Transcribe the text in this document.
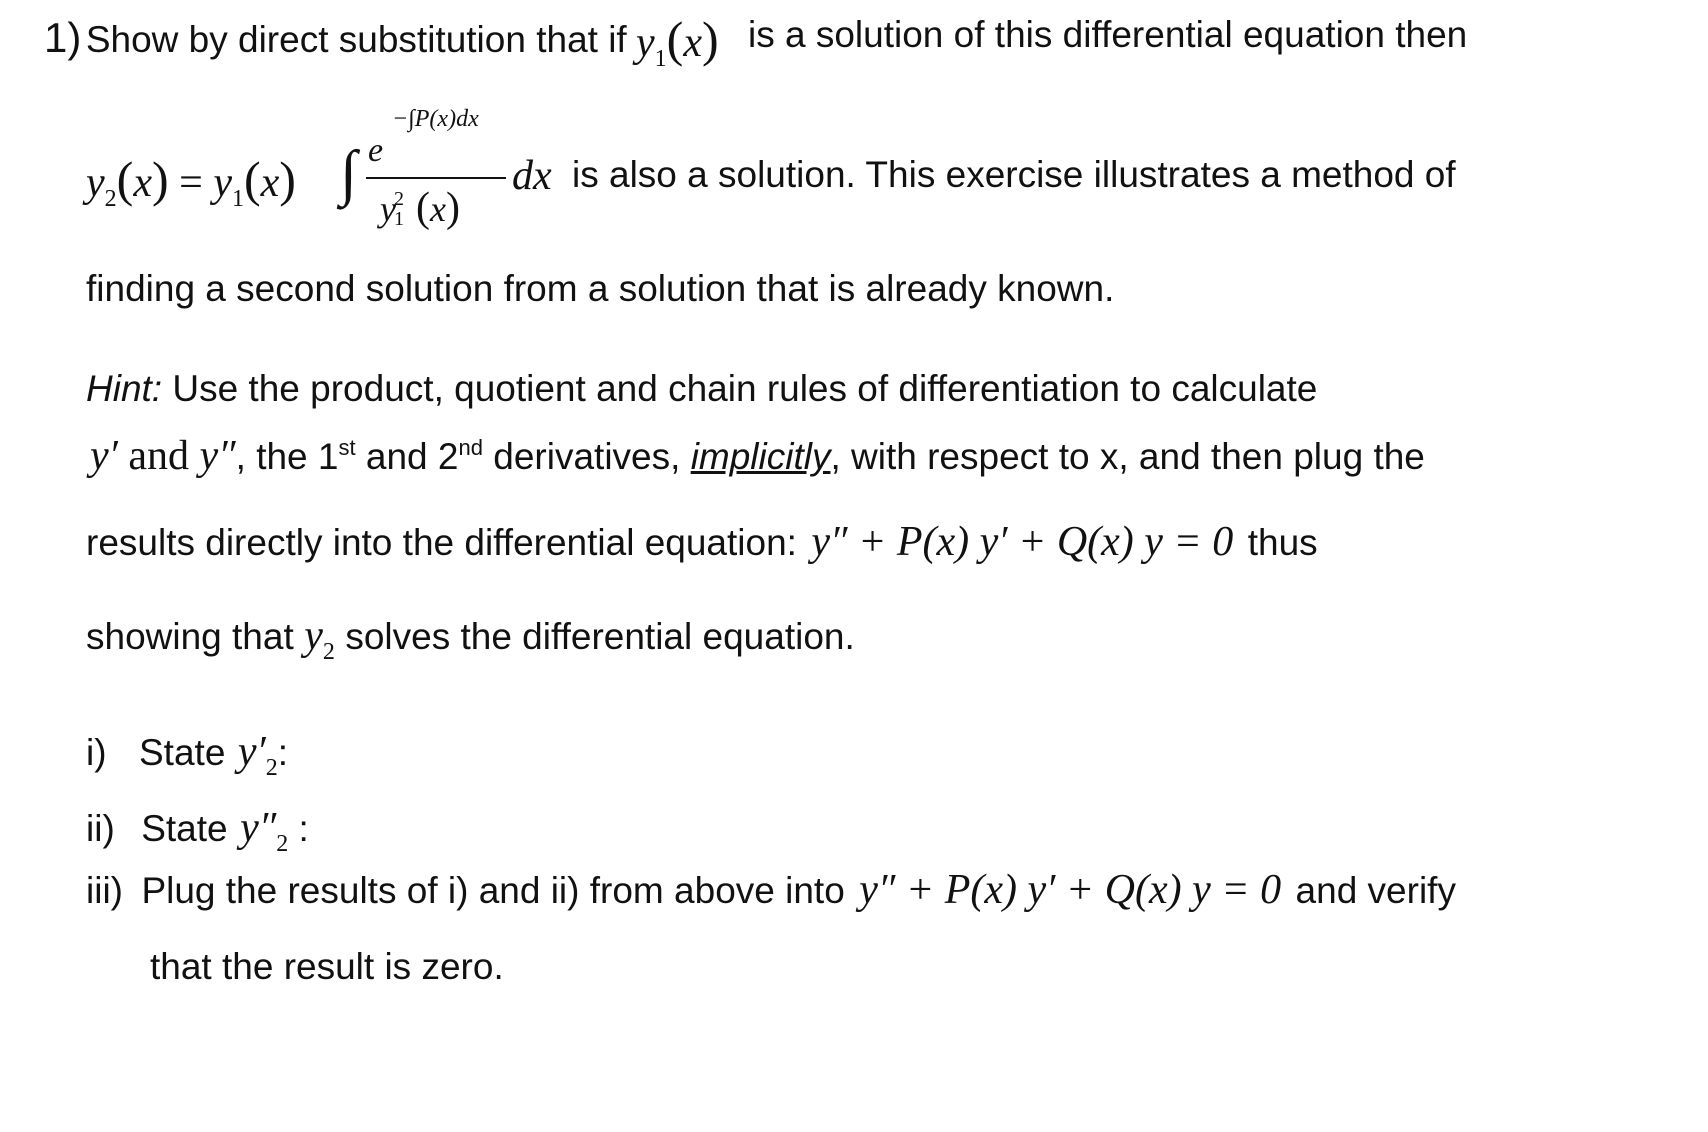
1) Show by direct substitution that if y1(x) is a solution of this differential equation then
y2(x) = y1(x) ∫ e
−∫P(x)dx
y21 (x)
dx is also a solution. This exercise illustrates a method of
finding a second solution from a solution that is already known.
Hint: Use the product, quotient and chain rules of differentiation to calculate
y′ and y″, the 1st and 2nd derivatives, implicitly, with respect to x, and then plug the
results directly into the differential equation: y″ + P(x) y′ + Q(x) y = 0 thus
showing that y2 solves the differential equation.
i) State y′2:
ii) State y″2 :
iii) Plug the results of i) and ii) from above into y″ + P(x) y′ + Q(x) y = 0 and verify
that the result is zero.
